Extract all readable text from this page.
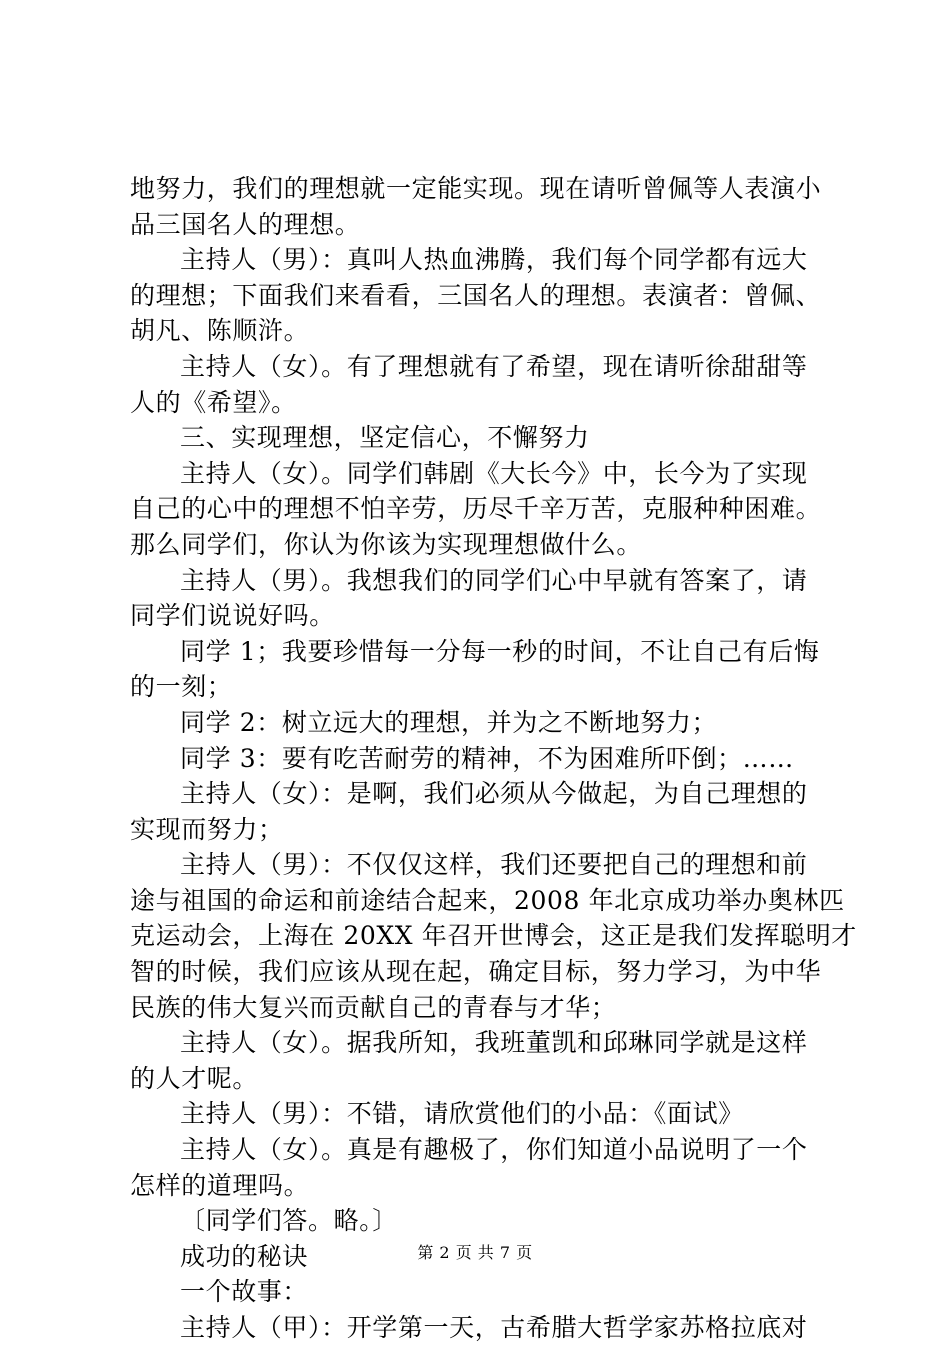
地努力，我们的理想就一定能实现。现在请听曾佩等人表演小
品三国名人的理想。
主持人（男）：真叫人热血沸腾，我们每个同学都有远大
的理想；下面我们来看看，三国名人的理想。表演者：曾佩、
胡凡、陈顺浒。
主持人（女）。有了理想就有了希望，现在请听徐甜甜等
人的《希望》。
三、实现理想，坚定信心，不懈努力
主持人（女）。同学们韩剧《大长今》中，长今为了实现
自己的心中的理想不怕辛劳，历尽千辛万苦，克服种种困难。
那么同学们，你认为你该为实现理想做什么。
主持人（男）。我想我们的同学们心中早就有答案了，请
同学们说说好吗。
同学 1；我要珍惜每一分每一秒的时间，不让自己有后悔
的一刻；
同学 2：树立远大的理想，并为之不断地努力；
同学 3：要有吃苦耐劳的精神，不为困难所吓倒；……
主持人（女）：是啊，我们必须从今做起，为自己理想的
实现而努力；
主持人（男）：不仅仅这样，我们还要把自己的理想和前
途与祖国的命运和前途结合起来，2008 年北京成功举办奥林匹
克运动会，上海在 20XX 年召开世博会，这正是我们发挥聪明才
智的时候，我们应该从现在起，确定目标，努力学习，为中华
民族的伟大复兴而贡献自己的青春与才华；
主持人（女）。据我所知，我班董凯和邱琳同学就是这样
的人才呢。
主持人（男）：不错，请欣赏他们的小品：《面试》
主持人（女）。真是有趣极了，你们知道小品说明了一个
怎样的道理吗。
〔同学们答。略。〕
成功的秘诀
一个故事：
主持人（甲）：开学第一天，古希腊大哲学家苏格拉底对
第 2 页 共 7 页
